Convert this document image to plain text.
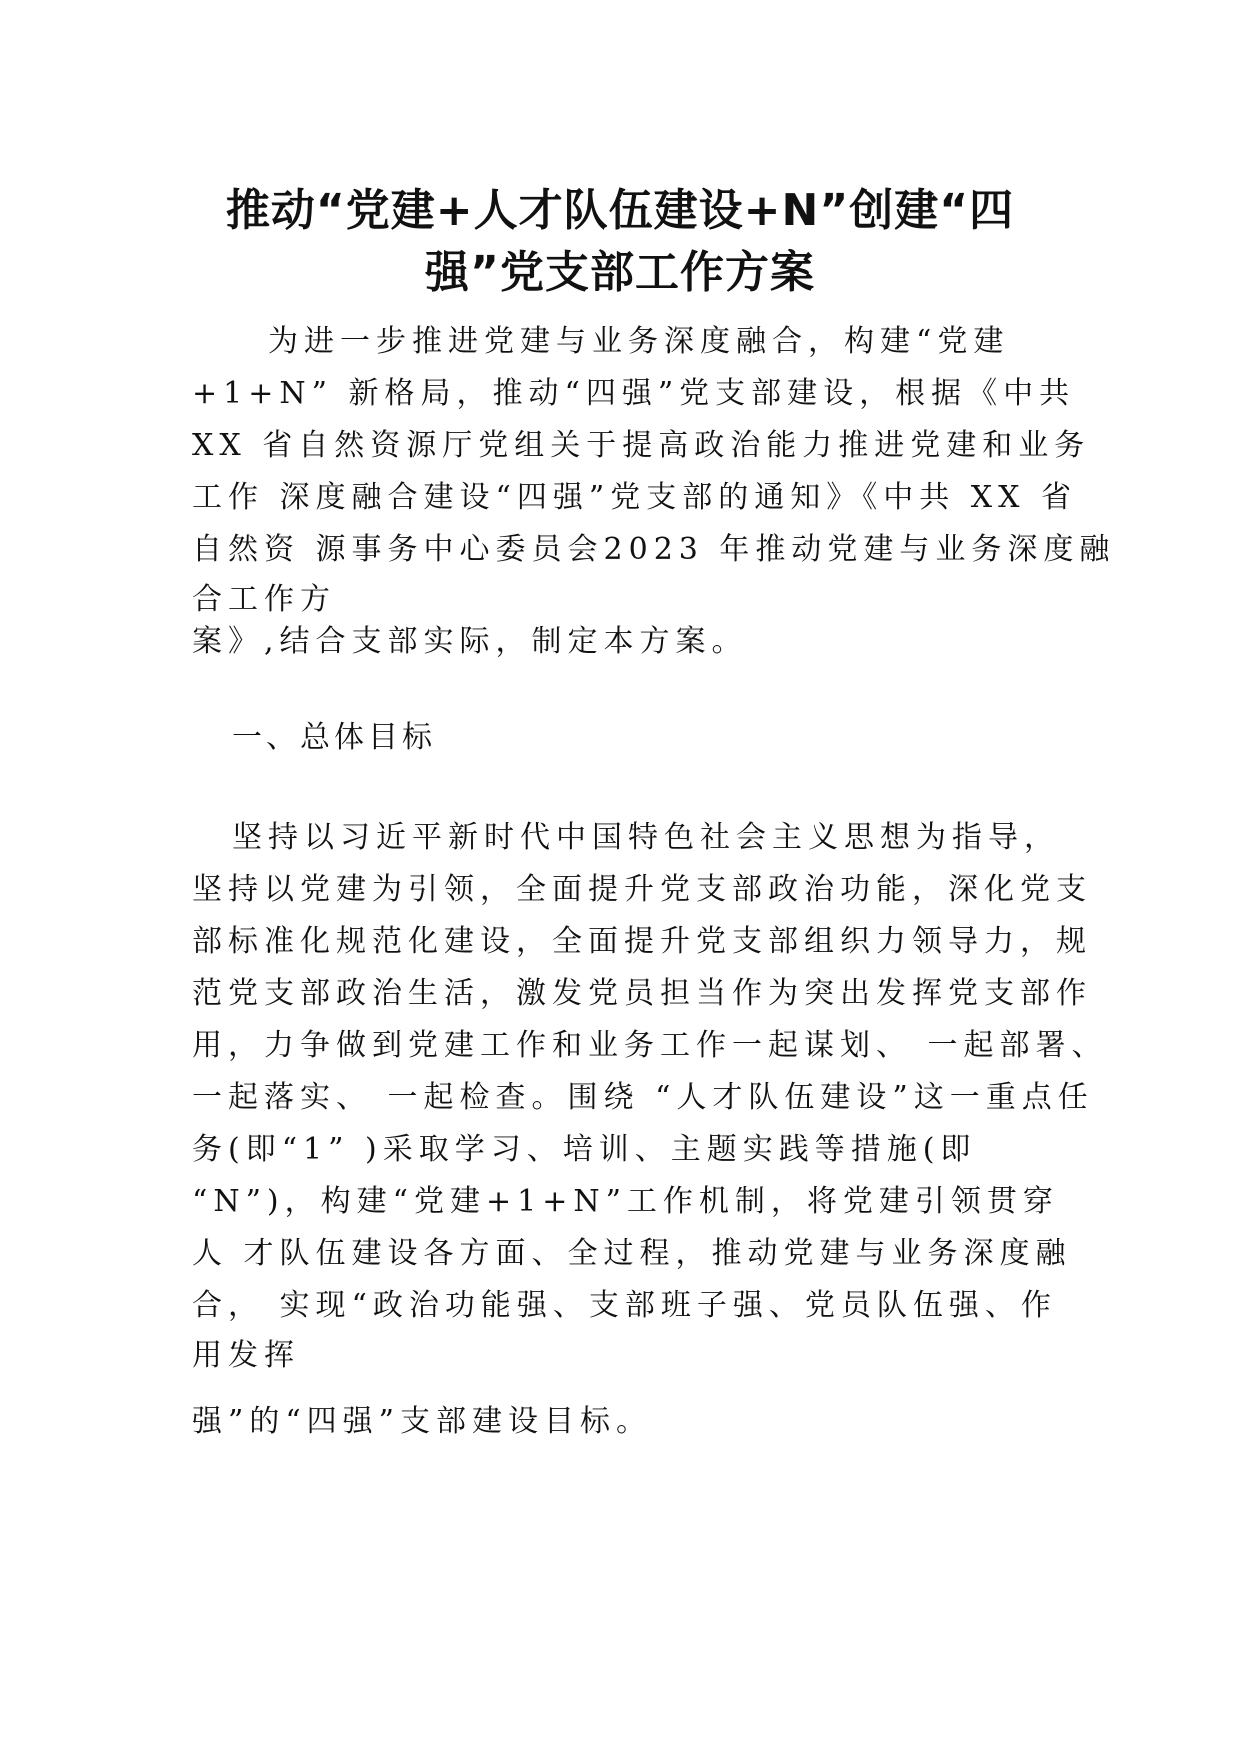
推动“党建+人才队伍建设+N”创建“四
强”党支部工作方案
为进一步推进党建与业务深度融合，构建“党建
+1+N” 新格局，推动“四强”党支部建设，根据《中共
XX 省自然资源厅党组关于提高政治能力推进党建和业务
工作 深度融合建设“四强”党支部的通知》《中共 XX 省
自然资 源事务中心委员会2023 年推动党建与业务深度融
合工作方
案》,结合支部实际，制定本方案。
一、总体目标
坚持以习近平新时代中国特色社会主义思想为指导，
坚持以党建为引领，全面提升党支部政治功能，深化党支
部标准化规范化建设，全面提升党支部组织力领导力，规
范党支部政治生活，激发党员担当作为突出发挥党支部作
用，力争做到党建工作和业务工作一起谋划、 一起部署、
一起落实、 一起检查。围绕 “人才队伍建设”这一重点任
务(即“1” )采取学习、培训、主题实践等措施(即
“N”)，构建“党建+1+N”工作机制，将党建引领贯穿
人 才队伍建设各方面、全过程，推动党建与业务深度融
合， 实现“政治功能强、支部班子强、党员队伍强、作
用发挥
强”的“四强”支部建设目标。
